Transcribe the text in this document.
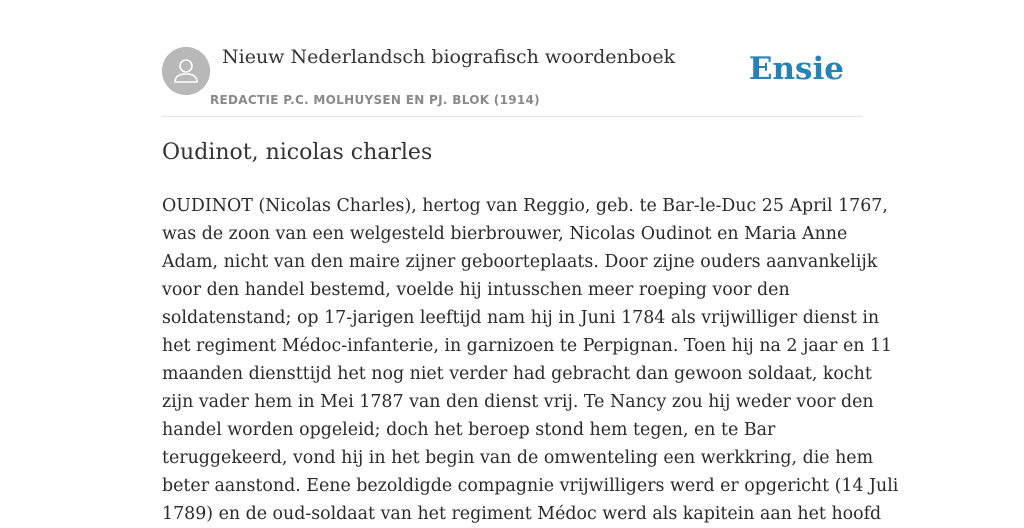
Nieuw Nederlandsch biografisch woordenboek
REDACTIE P.C. MOLHUYSEN EN PJ. BLOK (1914)
Ensie
Oudinot, nicolas charles

OUDINOT (Nicolas Charles), hertog van Reggio, geb. te Bar-le-Duc 25 April 1767,
was de zoon van een welgesteld bierbrouwer, Nicolas Oudinot en Maria Anne
Adam, nicht van den maire zijner geboorteplaats. Door zijne ouders aanvankelijk
voor den handel bestemd, voelde hij intusschen meer roeping voor den
soldatenstand; op 17-jarigen leeftijd nam hij in Juni 1784 als vrijwilliger dienst in
het regiment Médoc-infanterie, in garnizoen te Perpignan. Toen hij na 2 jaar en 11
maanden diensttijd het nog niet verder had gebracht dan gewoon soldaat, kocht
zijn vader hem in Mei 1787 van den dienst vrij. Te Nancy zou hij weder voor den
handel worden opgeleid; doch het beroep stond hem tegen, en te Bar
teruggekeerd, vond hij in het begin van de omwenteling een werkkring, die hem
beter aanstond. Eene bezoldigde compagnie vrijwilligers werd er opgericht (14 Juli
1789) en de oud-soldaat van het regiment Médoc werd als kapitein aan het hoofd
